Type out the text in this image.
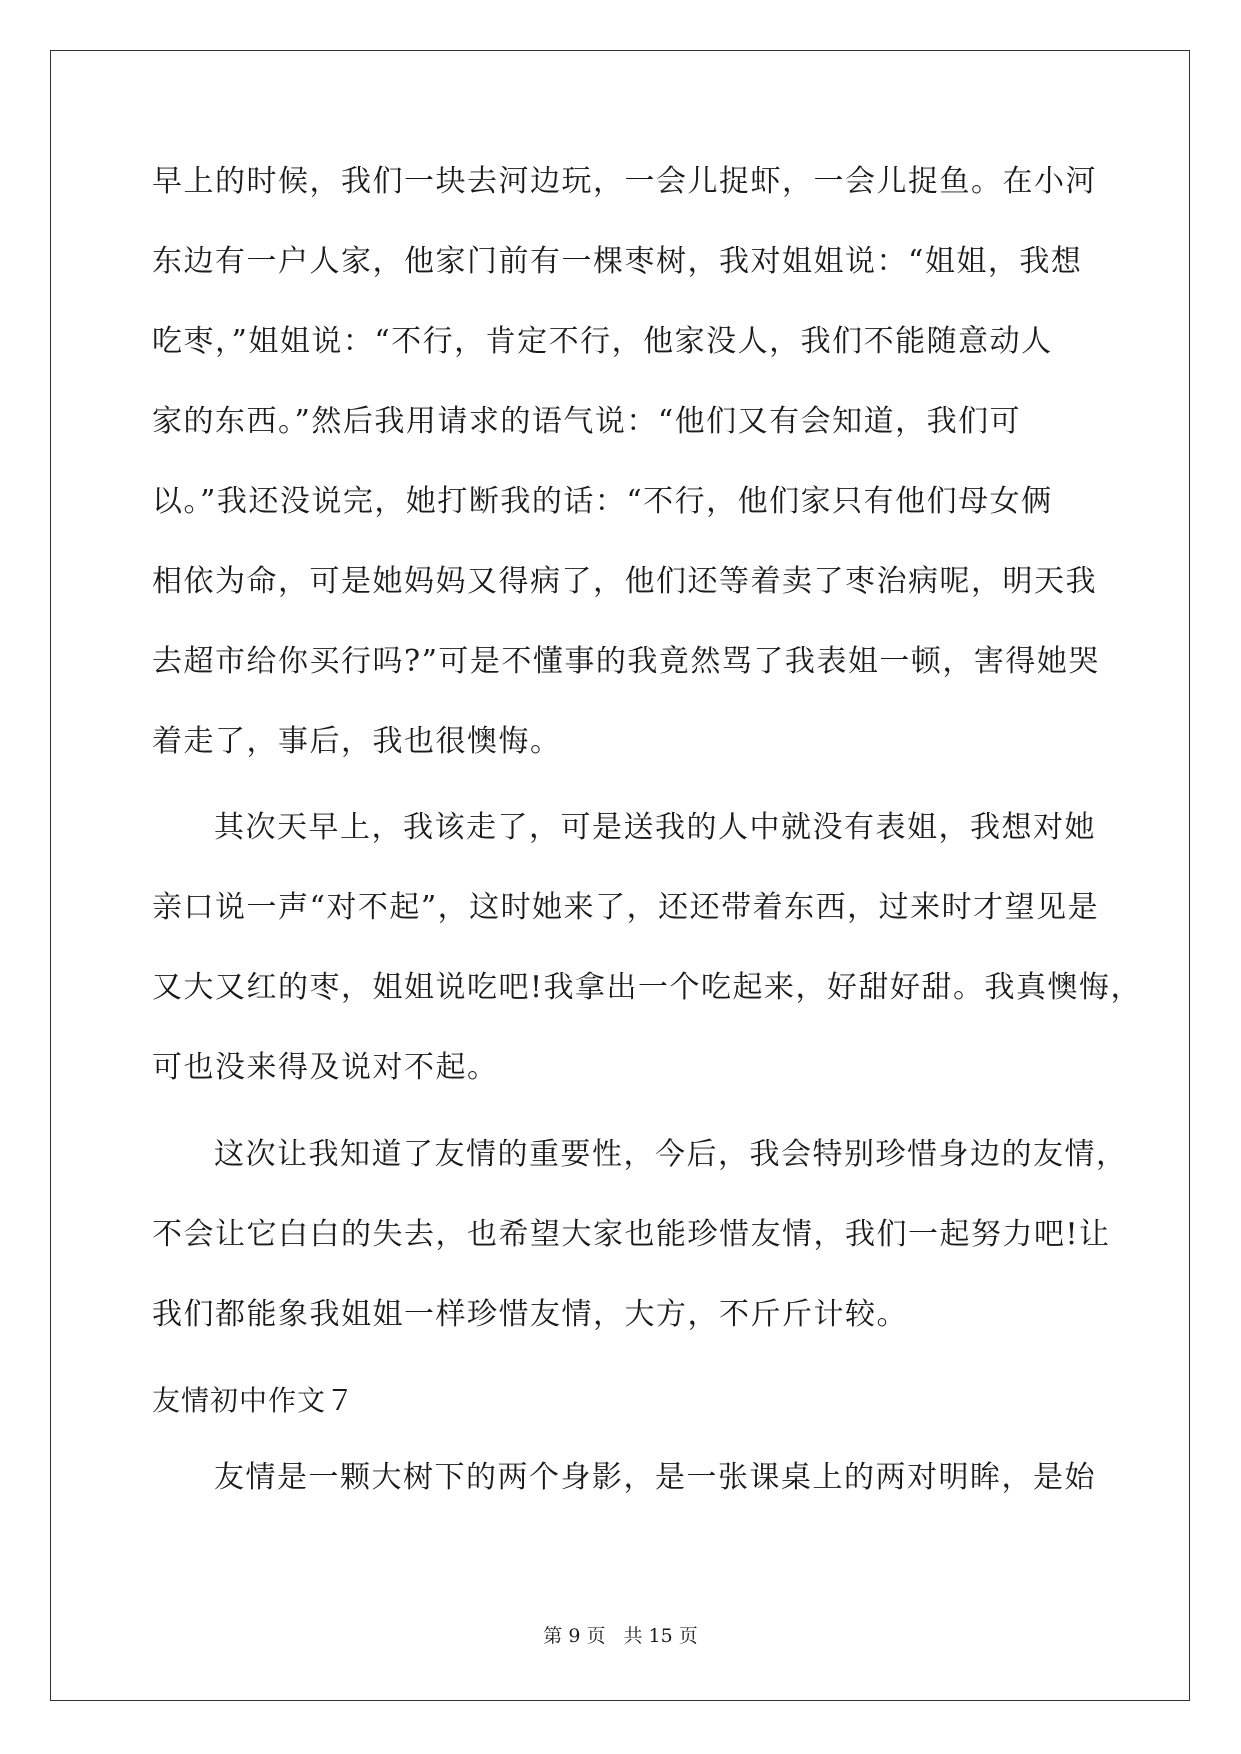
早上的时候，我们一块去河边玩，一会儿捉虾，一会儿捉鱼。在小河
东边有一户人家，他家门前有一棵枣树，我对姐姐说：“姐姐，我想
吃枣，”姐姐说：“不行，肯定不行，他家没人，我们不能随意动人
家的东西。”然后我用请求的语气说：“他们又有会知道，我们可
以。”我还没说完，她打断我的话：“不行，他们家只有他们母女俩
相依为命，可是她妈妈又得病了，他们还等着卖了枣治病呢，明天我
去超市给你买行吗?”可是不懂事的我竟然骂了我表姐一顿，害得她哭
着走了，事后，我也很懊悔。
其次天早上，我该走了，可是送我的人中就没有表姐，我想对她
亲口说一声“对不起”，这时她来了，还还带着东西，过来时才望见是
又大又红的枣，姐姐说吃吧!我拿出一个吃起来，好甜好甜。我真懊悔，
可也没来得及说对不起。
这次让我知道了友情的重要性，今后，我会特别珍惜身边的友情，
不会让它白白的失去，也希望大家也能珍惜友情，我们一起努力吧!让
我们都能象我姐姐一样珍惜友情，大方，不斤斤计较。
友情初中作文７
友情是一颗大树下的两个身影，是一张课桌上的两对明眸，是始
第 9 页 共 15 页
